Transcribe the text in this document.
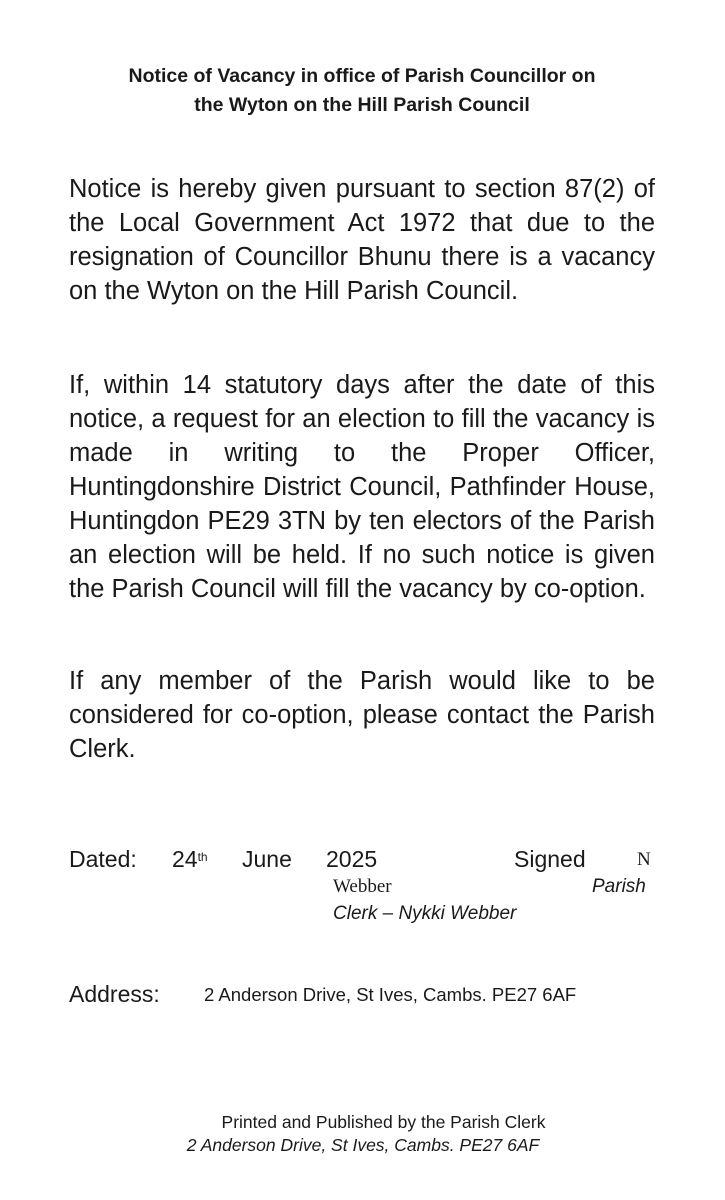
Notice of Vacancy in office of Parish Councillor on
the Wyton on the Hill Parish Council

Notice is hereby given pursuant to section 87(2) of the Local Government Act 1972 that due to the resignation of Councillor Bhunu there is a vacancy on the Wyton on the Hill Parish Council.

If, within 14 statutory days after the date of this notice, a request for an election to fill the vacancy is made in writing to the Proper Officer, Huntingdonshire District Council, Pathfinder House, Huntingdon PE29 3TN by ten electors of the Parish an election will be held. If no such notice is given the Parish Council will fill the vacancy by co-option.

If any member of the Parish would like to be considered for co-option, please contact the Parish Clerk.

Dated: 24th June 2025	Signed	N
Webber	Parish
Clerk – Nykki Webber
Address: 2 Anderson Drive, St Ives, Cambs. PE27 6AF
Printed and Published by the Parish Clerk
2 Anderson Drive, St Ives, Cambs. PE27 6AF
